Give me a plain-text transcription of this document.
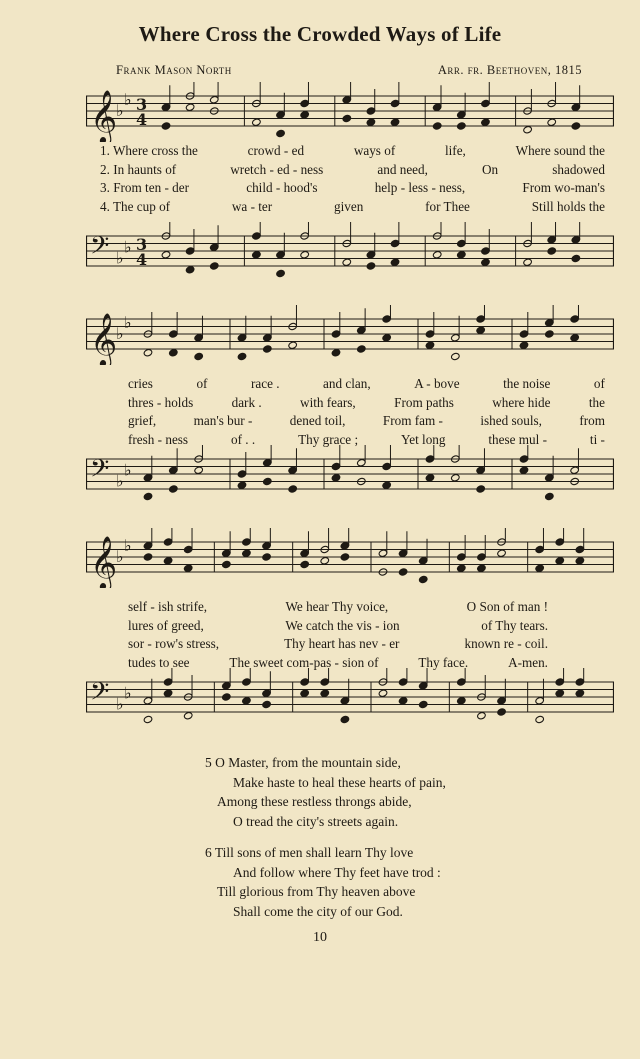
Where Cross the Crowded Ways of Life
Frank Mason North	Arr. fr. Beethoven, 1815
𝄞
♭
♭ 3
4
1. Where cross the	crowd - ed	ways of	life,	Where sound the
2. In haunts of	wretch - ed - ness	and need,	On	shadowed
3. From ten - der	child - hood's	help - less - ness,	From wo-man's
4. The cup of	wa - ter	given	for Thee	Still holds the
𝄢 ♭
♭ 3
4
𝄞
♭
♭
cries	of	race .	and clan,	A - bove	the noise	of
thres - holds	dark .	with fears,	From paths	where hide	the
grief,	man's bur -	dened toil,	From fam -	ished souls,	from
fresh - ness	of . .	Thy grace ;	Yet long	these mul -	ti -
𝄢 ♭
♭
𝄞
♭
♭
self - ish strife,	We hear Thy voice,	O Son of man !
lures of greed,	We catch the vis - ion	of Thy tears.
sor - row's stress,	Thy heart has nev - er	known re - coil.
tudes to see	The sweet com-pas - sion of	Thy face.	A-men.
𝄢 ♭
♭
5 O Master, from the mountain side,
Make haste to heal these hearts of pain,
Among these restless throngs abide,
O tread the city's streets again.
6 Till sons of men shall learn Thy love
And follow where Thy feet have trod :
Till glorious from Thy heaven above
Shall come the city of our God.
10
